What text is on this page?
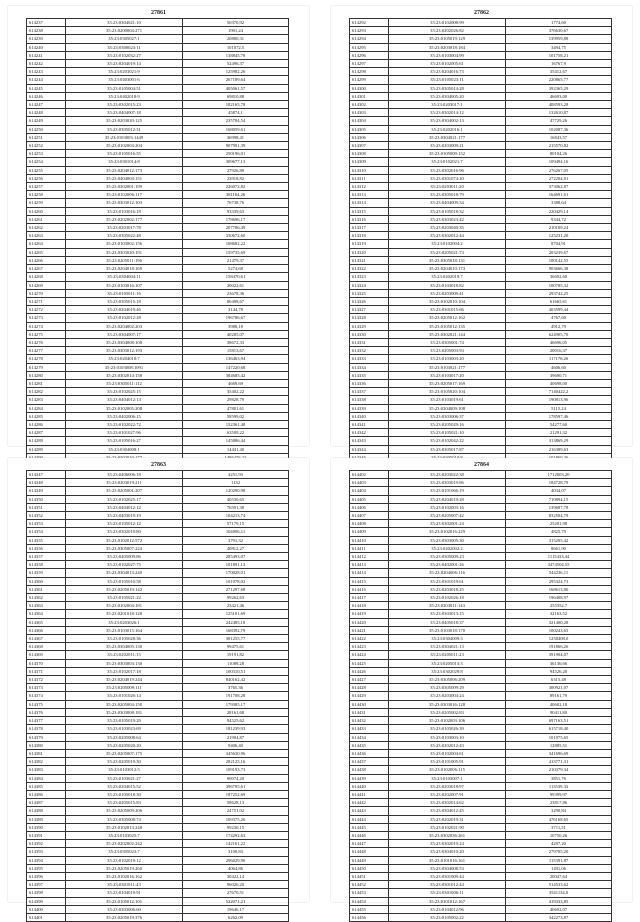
27861
614237	35:23:0304021:10	50370,92
614238	35:23:0200004:271	1901,24
614239	35:23:0305027:1	20800,31
614240	35:23:0300023:11	101072,5
614241	35:23:0102032:27	138845,78
614242	35:23:0204019:14	52496,37
614243	35:23:0203021:9	125982,26
614244	35:23:0403001:6	267189,64
614245	35:23:0105004:51	405061,57
614246	35:23:0402018:9	69810,88
614247	35:23:0302015:23	182165,78
614248	35:23:0404007:18	45874,1
614249	35:23:0203020:125	235784,54
614250	35:23:0305012:31	168059,61
614251	35:23:0103003:1449	36998,41
614252	35:23:0102004:204	907991,39
614253	35:23:0105016:55	250196,01
614254	35:23:0301014:8	309677,13
614255	35:23:0204012:173	27926,89
614256	35:23:0404004:151	23918,82
614257	35:23:0302001:199	226072,82
614258	35:23:0102006:117	381164,26
614259	35:23:0303012:103	76738,76
614260	35:23:0103016:18	93339,63
614261	35:23:0202002:177	178696,17
614262	35:23:0203017:78	207706,49
614263	35:23:0305022:48	330672,60
614264	35:23:0103002:156	108682,22
614265	35:23:0303020:191	159735,69
614266	35:23:0205011:196	21479,37
614267	35:23:0204018:169	5274,68
614268	35:23:0304004:11	158470,61
614269	35:23:0103016:107	20022,61
614270	35:23:0105011:16	23678,36
614271	35:23:0305015:18	80498,67
614272	35:23:0204019:46	3144,78
614273	35:23:0102012:28	196786,67
614274	35:23:0204002:203	3988,18
614275	35:23:0304007:17	40285,07
614276	35:23:0304008:108	38672,33
614277	35:23:0303012:193	15813,67
614278	35:23:0204010:7	136463,94
614279	35:23:0103008:1091	147220,68
614280	35:23:0302014:158	384685,42
614281	35:23:0305011:112	4669,69
614282	35:23:0102025:15	35402,22
614283	35:23:0404012:13	29828,79
614284	35:23:0102005:208	47801,61
614285	35:23:0402006:15	58599,02
614286	35:23:0102022:72	152361,48
614287	35:23:0101027:96	63509,22
614288	35:23:0105016:27	145886,44
614289	35:23:0304008:1	14441,40

27862
614292	35:23:0102008:99	1774,60
614293	35:23:0202026:82	376630,67
614294	35:23:0105019:129	139959,88
614295	35:23:0203018:184	3494,75
614296	35:23:0103004:99	101758,21
614297	35:23:0102005:61	16767,9
614298	35:23:0204016:73	35412,67
614299	35:23:0105023:11	220865,77
614300	35:23:0305014:28	392365,29
614301	35:23:0304005:20	46693,00
614302	35:23:0203017:1	408593,28
614303	35:23:0302014:12	132610,87
614304	35:23:0304002:13	47729,26
614305	35:23:0202016:1	102087,36
614306	35:23:0304021:177	16843,57
614307	35:23:0203009:21	215570,82
614308	35:23:0105009:152	80104,26
614309	35:23:0102021:7	109494,16
614310	35:23:0302016:96	276267,05
614311	35:23:0301074:20	272204,91
614312	35:23:0203011:20	373062,87
614313	35:23:0305018:79	164691,61
614314	35:23:0404009:34	3388,64
614315	35:23:0105018:32	220429,14
614316	35:23:0303023:42	9344,72
614317	35:23:0203040:35	210109,24
614318	35:23:0302012:44	125231,20
614319	35:23:0102004:2	8704,91
614320	35:23:0205021:73	203239,67
614321	35:23:0305018:131	100142,55
614322	35:23:0204010:173	903666,38
614323	35:23:0202019:7	36692,60
614324	35:23:0103018:82	100785,32
614325	35:23:0203009:41	293742,25
614326	35:23:0102010:104	61665,61
614327	35:23:0301015:66	403599,44
614328	35:23:0205012:162	4767,60
614329	35:23:0105012:135	4912,79
614330	35:23:0302021:144	624905,70
614331	35:23:0305001:74	46696,05
614332	35:23:0205003:93	20016,37
614333	35:23:0103003:20	117176,26
614334	35:23:0103021:177	4606,60
614335	35:23:0103017:20	39690,71
614336	35:23:0205017:169	40698,00
614337	35:23:0105020:104	7140422,2
614338	35:23:0103019:61	190813,96
614339	35:23:0204009:108	5115,24
614340	35:23:0303006:37	178597,46
614341	35:23:0205029:16	54277,60
614342	35:23:0105021:10	21291,32
614343	35:23:0102042:22	313869,29
614344	35:23:0305017:87	216389,63

27863
614347	35:23:0406006:18	4251,93
614348	35:23:0203019:211	1132
614349	35:23:0205001:207	120290,98
614350	35:23:0102025:17	40530,65
614351	35:23:0404012:12	76591,38
614352	35:23:0403019:19	104213,74
614353	35:23:0105012:12	57179,15
614354	35:23:0302019:80	104006,11
614355	35:23:0102012:572	3791,32
614356	35:23:0305007:224	40812,27
614357	35:23:0405009:86	285493,07
614358	35:23:0102027:75	101891,13
614359	35:23:0304013:240	170028,01
614360	35:23:0105010:58	101078,02
614361	35:23:0205019:142	271297,68
614362	35:23:0105021:22	99262,63
614363	35:23:0102004:181	23421,46
614364	35:23:0201018:128	125101,69
614365	35:23:0203026:1	242485,18
614366	35:23:0103015:164	168392,79
614367	35:23:0105028:36	381255,77
614368	35:23:0304005:130	99475,61
614369	35:23:0202011:15	19191,82
614370	35:23:0303003:130	11089,28
614371	35:23:0102017:18	100310,51
614372	35:23:0204019:244	840162,42
614373	35:23:0205009:111	3765,36
614374	35:23:0101026:14	191708,28
614375	35:23:0205004:150	179385,17
614376	35:23:0303008:181	28161,68
614377	35:23:0105019:29	94525,62
614378	35:23:0103023:69	181239,93
614379	35:23:0205008:64	21904,87
614380	35:23:0205020:20	9406,40
614381	35:23:0205007:175	345630,96
614382	35:23:0205019:30	282125,16
614383	35:23:0103012:5	109193,73
614384	35:23:0103021:27	90074,20
614385	35:23:0204015:52	396795,61
614386	35:23:0105018:30	187252,69
614387	35:23:0205015:83	58628,13
614388	35:23:0205009:206	24751,02
614389	35:23:0305008:74	109375,26
614390	35:23:0102013:248	99230,15
614391	35:23:0103025:7	174292,63
614392	35:23:0202002:242	142161,22
614393	35:23:0305023:7	3100,83
614394	35:23:0102019:12	296029,90
614395	35:23:0205019:260	4064,86
614396	35:23:0102016:162	30422,14
614397	35:23:0301011:43	96026,20
614398	35:23:0104019:91	27670,51
614399	35:23:0105012:101	522071,21
614400	35:23:0303006:60	19646,17
614401	35:23:0205019:376	6262,09
27864
614402	35:23:0203022:38	1712003,20
614403	35:23:0303019:86	184728,79
614404	35:23:0101066:19	4034,07
614405	35:23:0204019:28	710894,15
614406	35:23:0102003:16	139687,78
614407	35:23:0205007:42	832504,79
614408	35:23:0302001:24	25201,98
614409	35:23:0102016:229	4825,79
614410	35:23:0303005:30	315205,42
614411	35:23:0202002:2	8661,90
614412	35:23:0305009:23	1115433,44
614413	35:23:0402001:26	3474504,55
614414	35:23:0204006:116	544236,11
614415	35:23:0301019:61	295324,73
614416	35:23:0203018:25	168613,80
614417	35:23:0102026:18	196408,97
614418	35:23:0203011:143	255352,7
614419	35:23:0303013:15	32163,52
614420	35:23:0405018:37	321400,28
614421	35:23:0103018:170	100243,65
614422	35:23:0304009:3	1258408,0
614423	35:23:0304021:13	191866,26
614424	35:23:0205011:23	391904,07
614425	35:23:0205013:3	36136,66
614426	35:23:0302029:8	94526,20
614427	35:23:0305006:209	6315,48
614428	35:23:0305009:29	300921,07
614429	35:23:0203004:24	89161,79
614430	35:23:0303016:128	40602,18
614431	35:23:0205002:83	90411,80
614432	35:23:0102003:106	697163,51
614433	35:23:0103026:39	615718,40
614434	35:23:0103003:10	101975,65
614435	35:23:0202012:43	12885,51
614436	35:23:0102004:61	341696,69
614437	35:23:0101005:91	413771,31
614438	35:23:0102006:115	210379,34
614439	35:23:0103007:1	3851,76
614440	35:23:0203018:97	113539,33
614441	35:23:0202007:91	99399,97
614442	35:23:0302014:62	23817,86
614443	35:23:0304012:45	3290,84
614444	35:23:0202019:31	476168,65
614445	35:23:0102021:90	3711,51
614446	35:23:0302036:261	10750,26
614447	35:23:0302019:24	4297,20
614448	35:23:0304010:20	279705,20
614449	35:23:0101016:161	115391,87
614450	35:23:0304008:53	1491,06
614451	35:23:0301009:44	20047,64
614452	35:23:0301012:44	514533,62
614453	35:23:0301006:11	3541134,0
614454	35:23:0101012:167	419333,85
614455	35:23:0104012:96	40692,07
614456	35:23:0105002:22	342273,87
